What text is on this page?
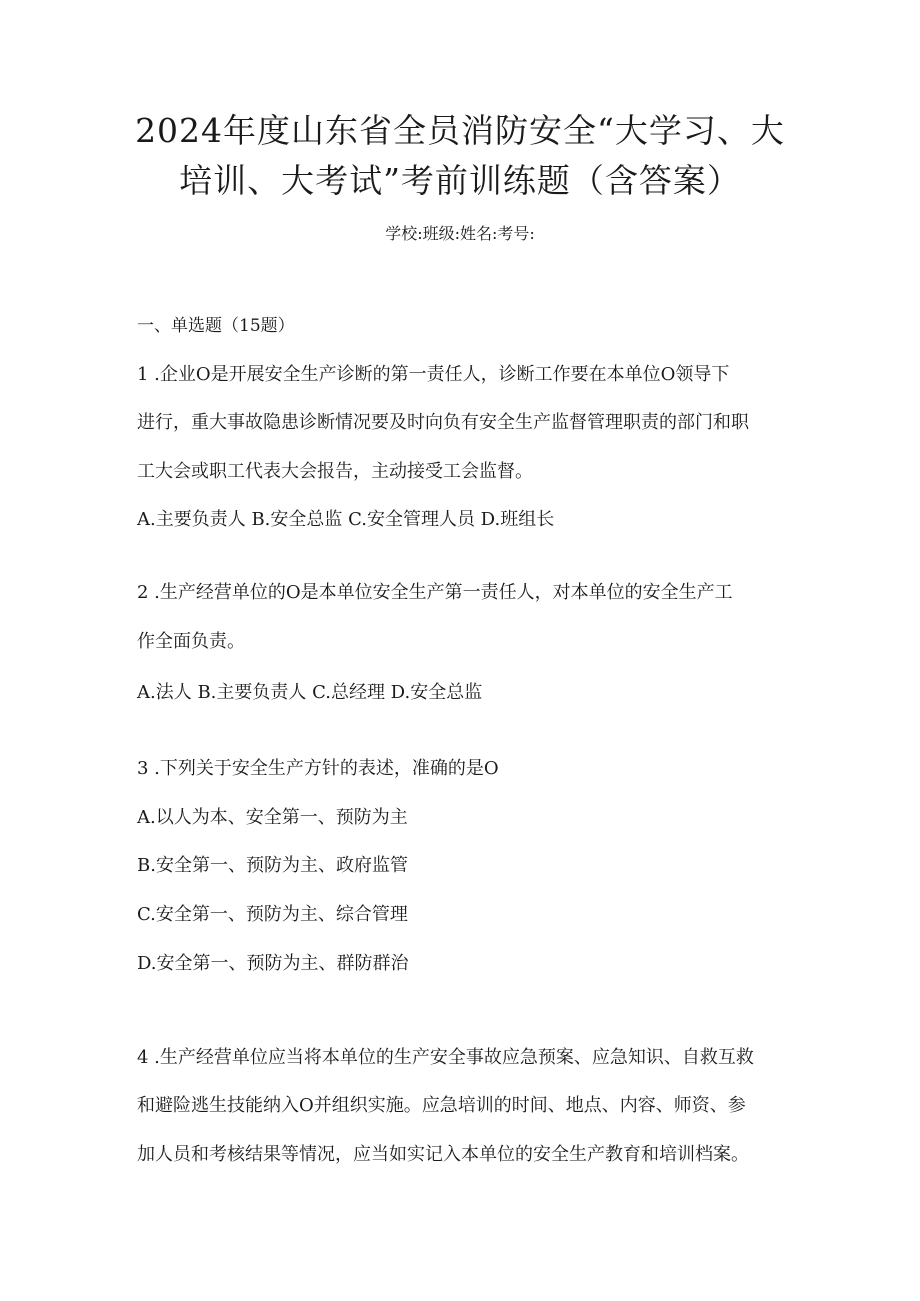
2024年度山东省全员消防安全“大学习、大
培训、大考试”考前训练题（含答案）
学校:班级:姓名:考号:
一、单选题（15题）
1 .企业O是开展安全生产诊断的第一责任人，诊断工作要在本单位O领导下
进行，重大事故隐患诊断情况要及时向负有安全生产监督管理职责的部门和职
工大会或职工代表大会报告，主动接受工会监督。
A.主要负责人 B.安全总监 C.安全管理人员 D.班组长
2 .生产经营单位的O是本单位安全生产第一责任人，对本单位的安全生产工
作全面负责。
A.法人 B.主要负责人 C.总经理 D.安全总监
3 .下列关于安全生产方针的表述，准确的是O
A.以人为本、安全第一、预防为主
B.安全第一、预防为主、政府监管
C.安全第一、预防为主、综合管理
D.安全第一、预防为主、群防群治
4 .生产经营单位应当将本单位的生产安全事故应急预案、应急知识、自救互救
和避险逃生技能纳入O并组织实施。应急培训的时间、地点、内容、师资、参
加人员和考核结果等情况，应当如实记入本单位的安全生产教育和培训档案。
